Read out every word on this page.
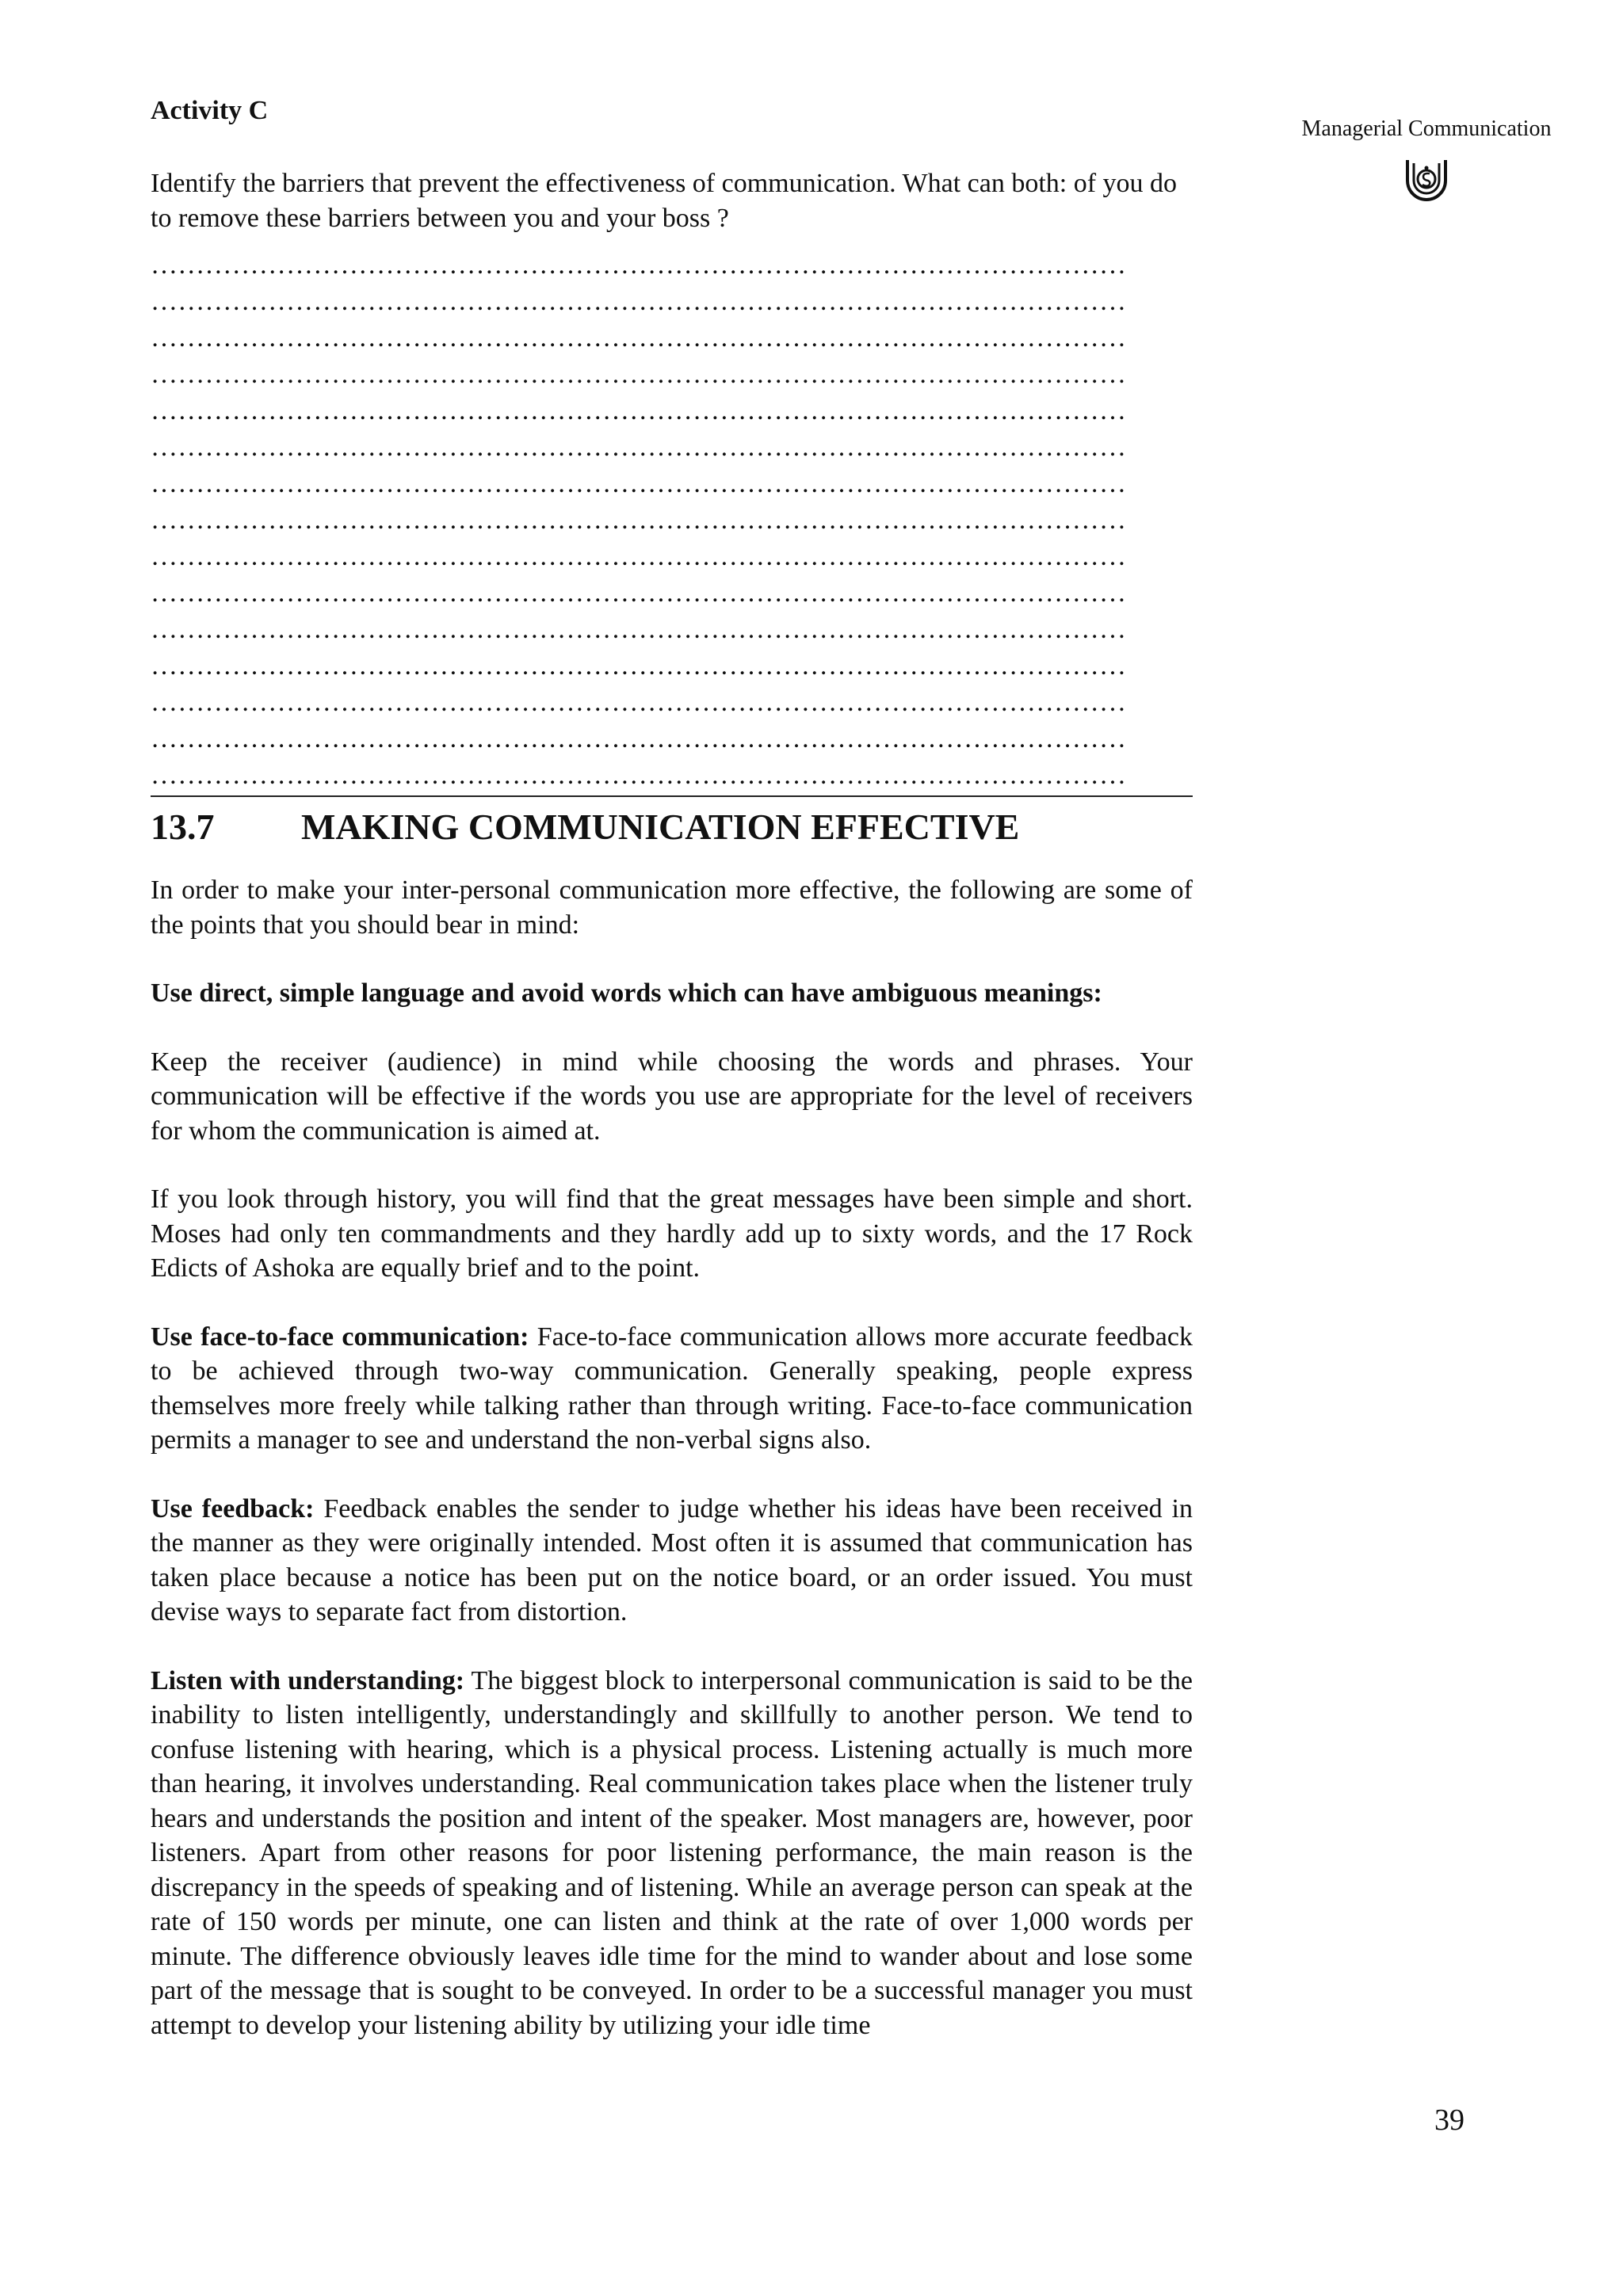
Managerial Communication
Activity C

Identify the barriers that prevent the effectiveness of communication. What can both: of you do to remove these barriers between you and your boss ?

………………………………………………………………………………………………
………………………………………………………………………………………………
………………………………………………………………………………………………
………………………………………………………………………………………………
………………………………………………………………………………………………
………………………………………………………………………………………………
………………………………………………………………………………………………
………………………………………………………………………………………………
………………………………………………………………………………………………
………………………………………………………………………………………………
………………………………………………………………………………………………
………………………………………………………………………………………………
………………………………………………………………………………………………
………………………………………………………………………………………………
………………………………………………………………………………………………
13.7	MAKING COMMUNICATION EFFECTIVE

In order to make your inter-personal communication more effective, the following are some of the points that you should bear in mind:

Use direct, simple language and avoid words which can have ambiguous meanings:

Keep the receiver (audience) in mind while choosing the words and phrases. Your communication will be effective if the words you use are appropriate for the level of receivers for whom the communication is aimed at.

If you look through history, you will find that the great messages have been simple and short. Moses had only ten commandments and they hardly add up to sixty words, and the 17 Rock Edicts of Ashoka are equally brief and to the point.

Use face-to-face communication: Face-to-face communication allows more accurate feedback to be achieved through two-way communication. Generally speaking, people express themselves more freely while talking rather than through writing. Face-to-face communication permits a manager to see and understand the non-verbal signs also.

Use feedback: Feedback enables the sender to judge whether his ideas have been received in the manner as they were originally intended. Most often it is assumed that communication has taken place because a notice has been put on the notice board, or an order issued. You must devise ways to separate fact from distortion.

Listen with understanding: The biggest block to interpersonal communication is said to be the inability to listen intelligently, understandingly and skillfully to another person. We tend to confuse listening with hearing, which is a physical process. Listening actually is much more than hearing, it involves understanding. Real communication takes place when the listener truly hears and understands the position and intent of the speaker. Most managers are, however, poor listeners. Apart from other reasons for poor listening performance, the main reason is the discrepancy in the speeds of speaking and of listening. While an average person can speak at the rate of 150 words per minute, one can listen and think at the rate of over 1,000 words per minute. The difference obviously leaves idle time for the mind to wander about and lose some part of the message that is sought to be conveyed. In order to be a successful manager you must attempt to develop your listening ability by utilizing your idle time

39
